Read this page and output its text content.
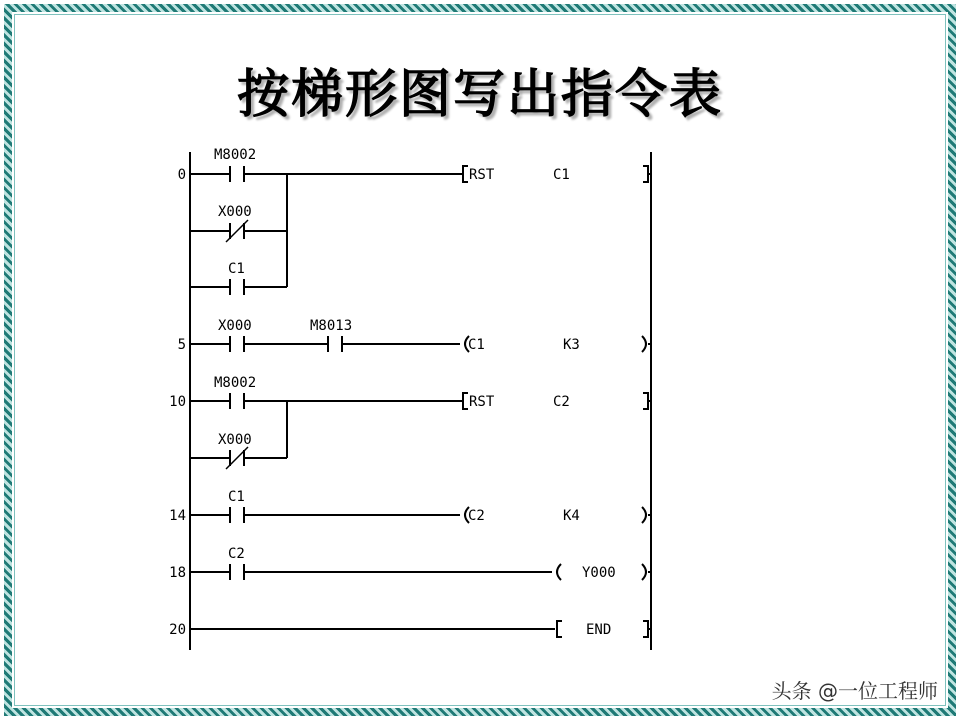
按梯形图写出指令表
0
5
10
14
18
20
M8002
X000
C1
X000	M8013
M8002
X000
C1
C2
RST	C1
C1	K3
RST	C2
C2	K4
Y000
END
头条 @一位工程师
